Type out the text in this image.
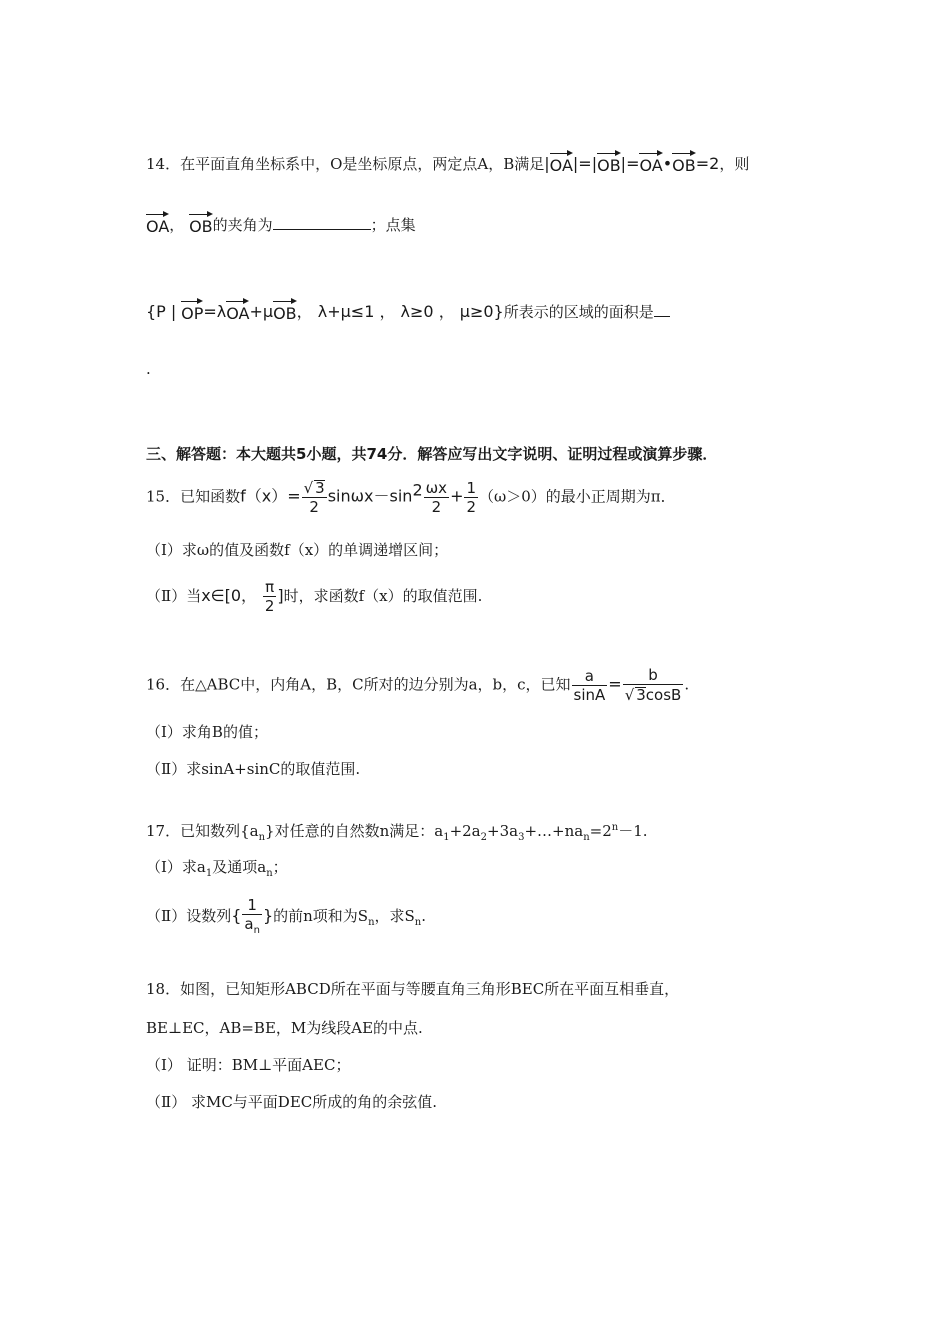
14．在平面直角坐标系中，O是坐标原点，两定点A，B满足|OA|=|OB|=OA•OB=2，则
OA， OB的夹角为	；点集
{P | OP=λOA+μOB， λ+μ≤1 ， λ≥0 ， μ≥0}所表示的区域的面积是
.
三、解答题：本大题共5小题，共74分．解答应写出文字说明、证明过程或演算步骤．
15．已知函数$f(x)= \frac{√ 3}{2} \sin\omega x-\sin^2 \frac{\omega x}{2} + \frac{1}{2} (\omega>0)$的最小正周期为π．
（Ⅰ）求ω的值及函数f（x）的单调递增区间；
（Ⅱ）当x∈[0， $\frac{\pi}{2}$ ]时，求函数f（x）的取值范围.
16．在△ABC中，内角A，B，C所对的边分别为a，b，c，已知 $\frac{a}{\sin A} = \frac{b}{√ 3\cos B}$ .
（Ⅰ）求角B的值；
（Ⅱ）求sinA+sinC的取值范围.
17．已知数列$\{a_n\}$对任意的自然数n满足：$a_1+2a_2+3a_3+\dots+na_n=2^n-1$.
（Ⅰ）求$a_1$及通项$a_n$；
（Ⅱ）设数列{ $\frac{1}{a_n}$ }的前n项和为$S_n$，求$S_n$.
18．如图，已知矩形ABCD所在平面与等腰直角三角形BEC所在平面互相垂直，
BE⊥EC，AB=BE，M为线段AE的中点.
（Ⅰ） 证明：BM⊥平面AEC；
（Ⅱ） 求MC与平面DEC所成的角的余弦值.
